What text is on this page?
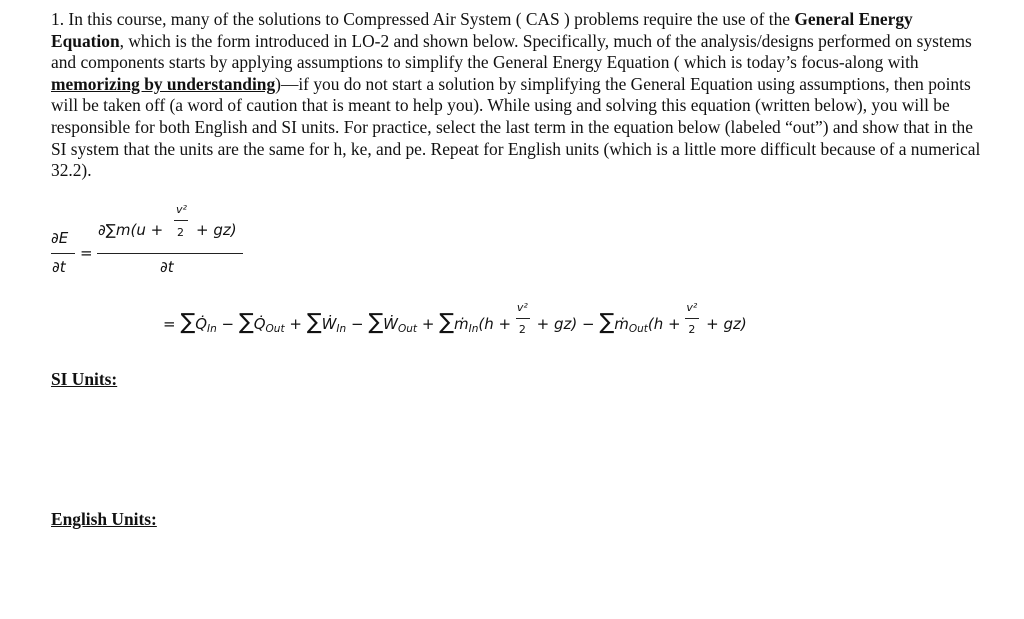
1. In this course, many of the solutions to Compressed Air System ( CAS ) problems require the use of the General Energy Equation, which is the form introduced in LO-2 and shown below. Specifically, much of the analysis/designs performed on systems and components starts by applying assumptions to simplify the General Energy Equation ( which is today’s focus-along with memorizing by understanding)—if you do not start a solution by simplifying the General Equation using assumptions, then points will be taken off (a word of caution that is meant to help you). While using and solving this equation (written below), you will be responsible for both English and SI units. For practice, select the last term in the equation below (labeled “out”) and show that in the SI system that the units are the same for h, ke, and pe. Repeat for English units (which is a little more difficult because of a numerical 32.2).
∂E
∂t
=
∂∑m(u +
v²
2 + gz)
∂t
= $\sum Q̇_{In}$ − $\sum Q̇_{Out}$ + ∑Ẇ$_{In}$ − ∑Ẇ$_{Out}$ + ∑ṁ$_{In}$(h + $\frac{\text{v²}}{2} + gz$) − ∑ṁ$_{Out}$(h + $\frac{\text{v²}}{2} + gz$)
SI Units:
English Units:
